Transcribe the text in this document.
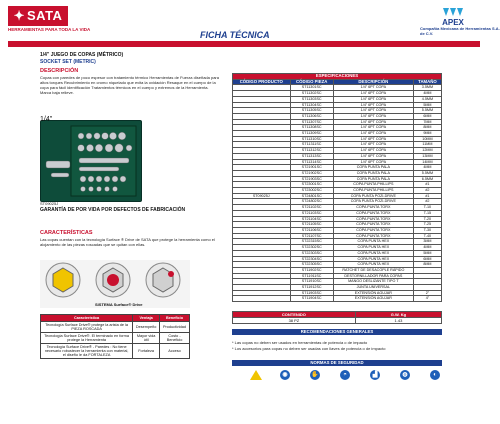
✦ SATA
HERRAMIENTAS PARA TODA LA VIDA
FICHA TÉCNICA
APEX
Compañía Mexicana de Herramientas S.A. de C.V.
1/4" JUEGO DE COPAS (MÉTRICO)
SOCKET SET (METRIC)
DESCRIPCIÓN
Copas con paredes de poco espesor con tratamiento térmico Herramientas de Fuerza diseñada para altos torques Recubrimiento en cromo niquelado que evita la oxidación Resaque en el cuerpo de la copa para fácil identificación Tratamientos térmicos en el cuerpo y extremos de la Herramienta. Marca baja relieve.
1/4"
ST09025J
GARANTÍA DE POR VIDA POR DEFECTOS DE FABRICACIÓN
CARACTERÍSTICAS
Las copas cuentan con la tecnología Surface ® Drive de SATA que protege la herramienta como el alojamiento de las piezas roscadas que se quitan con ellas.
SISTEMA Surface® Drive
Característica	Ventaja	Beneficio
Tecnología Surface Drive® protege la arista de la PIEZA ROSCADA	Desempeño	Productividad
Tecnología Surface Drive®. El terminado en forma protege la Herramienta	Mayor vida útil	Costo - Beneficio
Tecnología Surface Drive® - Paredes : No tiene necesario robustecer la herramienta con material, el diseño le da FORTALEZA	Fortaleza	Acceso
ESPECIFICACIONES			
CÓDIGO PRODUCTO	CÓDIGO PIEZA	DESCRIPCIÓN	TAMAÑO
	ST11301SC	1/4" 6PT COPA	3.5MM
	ST11302SC	1/4" 6PT COPA	4MM
	ST11303SC	1/4" 6PT COPA	4.5MM
	ST11304SC	1/4" 6PT COPA	5MM
	ST11305SC	1/4" 6PT COPA	5.5MM
	ST11306SC	1/4" 6PT COPA	6MM
	ST11307SC	1/4" 6PT COPA	7MM
	ST11308SC	1/4" 6PT COPA	8MM
	ST11309SC	1/4" 6PT COPA	9MM
	ST11310SC	1/4" 6PT COPA	10MM
	ST11311SC	1/4" 6PT COPA	11MM
	ST11312SC	1/4" 6PT COPA	12MM
	ST11313SC	1/4" 6PT COPA	13MM
	ST11314SC	1/4" 6PT COPA	14MM
	ST21901SC	COPA PUNTA PALA	4MM
	ST21902SC	COPA PUNTA PALA	5.5MM
	ST21903SC	COPA PUNTA PALA	6.5MM
	ST23001SC	COPA PUNTA PHILLIPS	#1
	ST23002SC	COPA PUNTA PHILLIPS	#2
ST09025J	ST24801SC	COPA PUNTA POZI-DRIVE	#1
	ST24802SC	COPA PUNTA POZI-DRIVE	#2
	ST21102SC	COPA PUNTA TORX	T-10
	ST21103SC	COPA PUNTA TORX	T-15
	ST21104SC	COPA PUNTA TORX	T-20
	ST21105SC	COPA PUNTA TORX	T-25
	ST21106SC	COPA PUNTA TORX	T-30
	ST21107SC	COPA PUNTA TORX	T-40
	ST22315SC	COPA PUNTA HEX	3MM
	ST22302SC	COPA PUNTA HEX	4MM
	ST22303SC	COPA PUNTA HEX	5MM
	ST22304SC	COPA PUNTA HEX	6MM
	ST22305SC	COPA PUNTA HEX	8MM
	ST11902SC	RATCHET DE DESACOPLE RÁPIDO	
	ST11911SC	DESTORNILLADOR PARA COPAS	
	ST11910SC	MANGO DESLIZANTE TIPO T	
	ST11912SC	JUNTA UNIVERSAL	
	ST11903SC	EXTENSIÓN AGUJAR	2"
	ST11904SC	EXTENSIÓN AGUJAR	4"
CONTENIDO	G.W. Kg
38 PZ	1.43
RECOMENDACIONES GENERALES
* Las copas no deben ser usados en herramientas de potencia o de impacto
* Los accesorios para copas no deben ser usadas con llaves de potencia o de impacto
NORMAS DE SEGURIDAD
◉	✋	◓	▟	◍	◐
